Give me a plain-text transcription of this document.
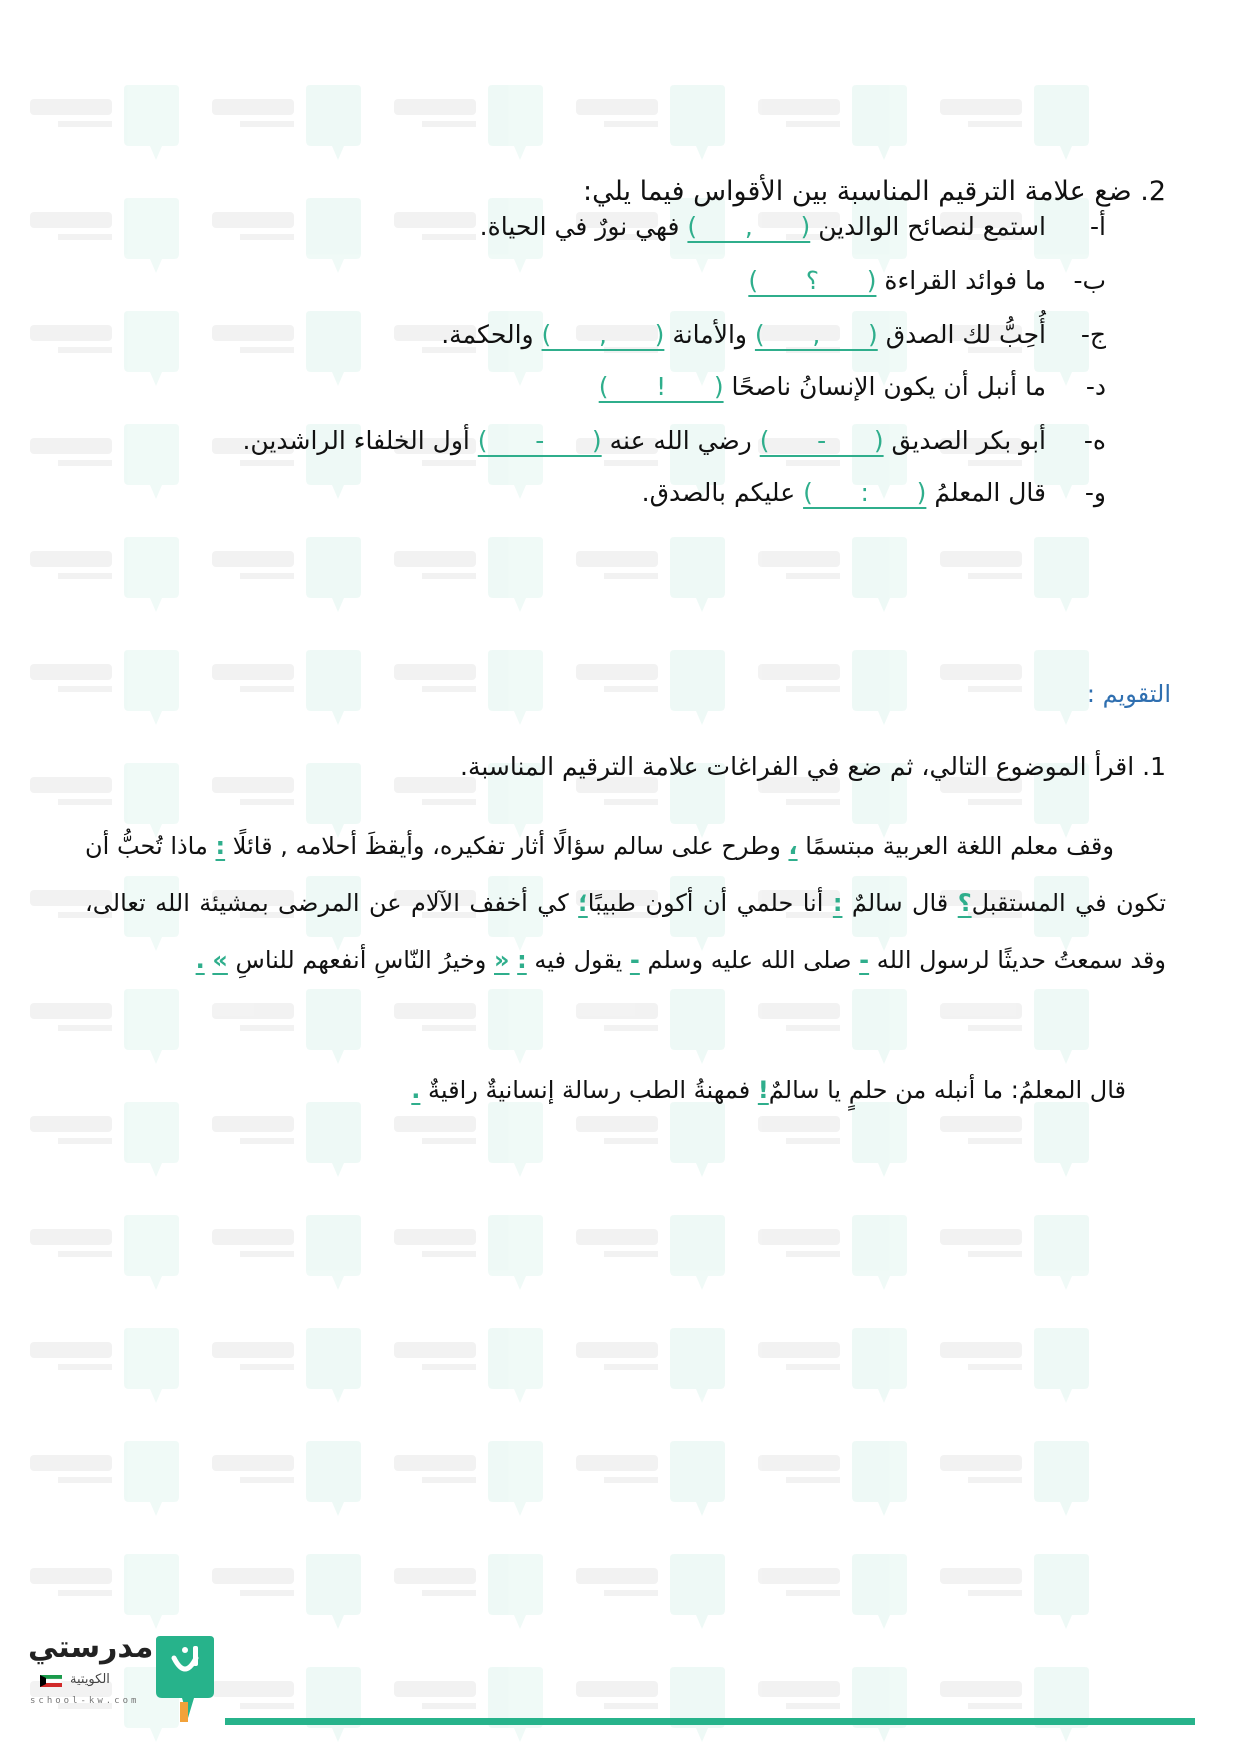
2. ضع علامة الترقيم المناسبة بين الأقواس فيما يلي:
أ-استمع لنصائح الوالدين (      ,      ) فهي نورٌ في الحياة.
ب-ما فوائد القراءة (      ؟      )
ج-أُحِبُّ لك الصدق (      ,      ) والأمانة (      ,      ) والحكمة.
د-ما أنبل أن يكون الإنسانُ ناصحًا (      !      )
ه-أبو بكر الصديق (      -      ) رضي الله عنه (      -      ) أول الخلفاء الراشدين.
و-قال المعلمُ (      :      ) عليكم بالصدق.
التقويم :
1. اقرأ الموضوع التالي، ثم ضع في الفراغات علامة الترقيم المناسبة.
وقف معلم اللغة العربية مبتسمًا ، وطرح على سالم سؤالًا أثار تفكيره، وأيقظَ أحلامه , قائلًا : ماذا تُحبُّ أن تكون في المستقبل؟ قال سالمٌ : أنا حلمي أن أكون طبيبًا؛ كي أخفف الآلام عن المرضى بمشيئة الله تعالى، وقد سمعتُ حديثًا لرسول الله - صلى الله عليه وسلم - يقول فيه : « وخيرُ النّاسِ أنفعهم للناسِ » .
قال المعلمُ: ما أنبله من حلمٍ يا سالمٌ! فمهنةُ الطب رسالة إنسانيةٌ راقيةٌ .
مدرستي
الكويتية
school-kw.com
